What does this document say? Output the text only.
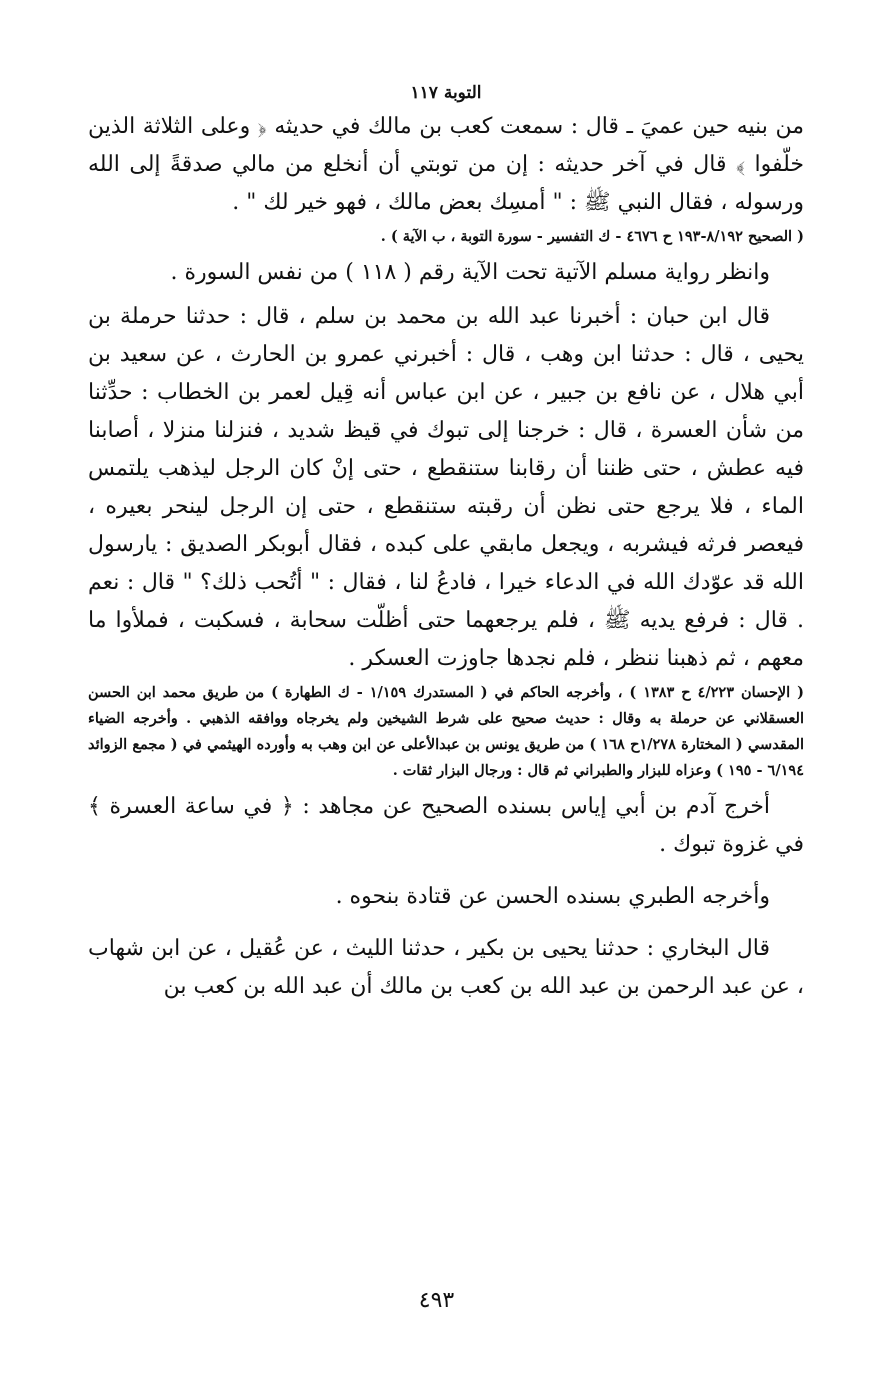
التوبة ١١٧

من بنيه حين عميَ ـ قال : سمعت كعب بن مالك في حديثه ﴿ وعلى الثلاثة الذين خلّفوا ﴾ قال في آخر حديثه : إن من توبتي أن أنخلع من مالي صدقةً إلى الله ورسوله ، فقال النبي ﷺ : " أمسِك بعض مالك ، فهو خير لك " .

( الصحيح ٨/١٩٢-١٩٣ ح ٤٦٧٦ - ك التفسير - سورة التوبة ، ب الآية ) .

وانظر رواية مسلم الآتية تحت الآية رقم ( ١١٨ ) من نفس السورة .

قال ابن حبان : أخبرنا عبد الله بن محمد بن سلم ، قال : حدثنا حرملة بن يحيى ، قال : حدثنا ابن وهب ، قال : أخبرني عمرو بن الحارث ، عن سعيد بن أبي هلال ، عن نافع بن جبير ، عن ابن عباس أنه قِيل لعمر بن الخطاب : حدِّثنا من شأن العسرة ، قال : خرجنا إلى تبوك في قيظ شديد ، فنزلنا منزلا ، أصابنا فيه عطش ، حتى ظننا أن رقابنا ستنقطع ، حتى إنْ كان الرجل ليذهب يلتمس الماء ، فلا يرجع حتى نظن أن رقبته ستنقطع ، حتى إن الرجل لينحر بعيره ، فيعصر فرثه فيشربه ، ويجعل مابقي على كبده ، فقال أبوبكر الصديق : يارسول الله قد عوّدك الله في الدعاء خيرا ، فادعُ لنا ، فقال : " أتُحب ذلك؟ " قال : نعم . قال : فرفع يديه ﷺ ، فلم يرجعهما حتى أظلّت سحابة ، فسكبت ، فملأوا ما معهم ، ثم ذهبنا ننظر ، فلم نجدها جاوزت العسكر .

( الإحسان ٤/٢٢٣ ح ١٣٨٣ ) ، وأخرجه الحاكم في ( المستدرك ١/١٥٩ - ك الطهارة ) من طريق محمد ابن الحسن العسقلاني عن حرملة به وقال : حديث صحيح على شرط الشيخين ولم يخرجاه ووافقه الذهبي . وأخرجه الضياء المقدسي ( المختارة ١/٢٧٨ح ١٦٨ ) من طريق يونس بن عبدالأعلى عن ابن وهب به وأورده الهيثمي في ( مجمع الزوائد ٦/١٩٤ - ١٩٥ ) وعزاه للبزار والطبراني ثم قال : ورجال البزار ثقات .

أخرج آدم بن أبي إياس بسنده الصحيح عن مجاهد : ﴿ في ساعة العسرة ﴾ في غزوة تبوك .

وأخرجه الطبري بسنده الحسن عن قتادة بنحوه .

قال البخاري : حدثنا يحيى بن بكير ، حدثنا الليث ، عن عُقيل ، عن ابن شهاب ، عن عبد الرحمن بن عبد الله بن كعب بن مالك أن عبد الله بن كعب بن

٤٩٣
